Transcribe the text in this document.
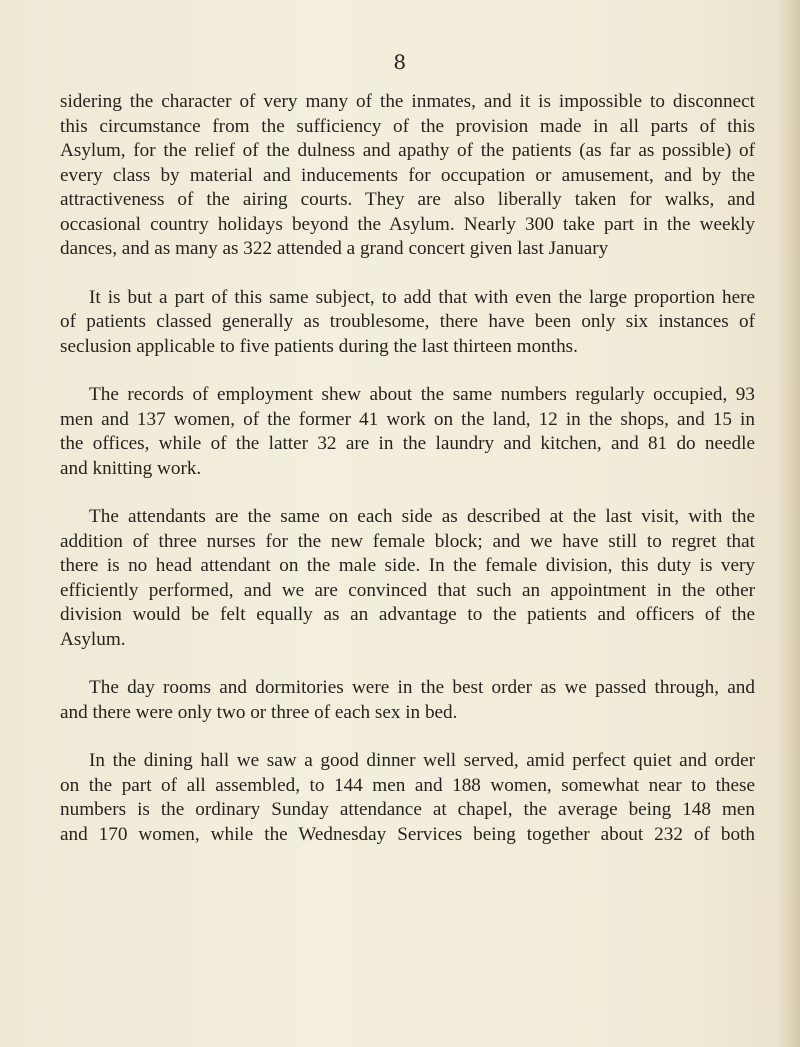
8
sidering the character of very many of the inmates, and it is impossible to disconnect
this circumstance from the sufficiency of the provision made in all parts of this
Asylum, for the relief of the dulness and apathy of the patients (as far as possible) of
every class by material and inducements for occupation or amusement, and by the
attractiveness of the airing courts. They are also liberally taken for walks, and
occasional country holidays beyond the Asylum. Nearly 300 take part in the weekly
dances, and as many as 322 attended a grand concert given last January
It is but a part of this same subject, to add that with even the large proportion here
of patients classed generally as troublesome, there have been only six instances of
seclusion applicable to five patients during the last thirteen months.
The records of employment shew about the same numbers regularly occupied, 93
men and 137 women, of the former 41 work on the land, 12 in the shops, and 15 in
the offices, while of the latter 32 are in the laundry and kitchen, and 81 do needle
and knitting work.
The attendants are the same on each side as described at the last visit, with the
addition of three nurses for the new female block; and we have still to regret that
there is no head attendant on the male side. In the female division, this duty is very
efficiently performed, and we are convinced that such an appointment in the other
division would be felt equally as an advantage to the patients and officers of the
Asylum.
The day rooms and dormitories were in the best order as we passed through, and
and there were only two or three of each sex in bed.
In the dining hall we saw a good dinner well served, amid perfect quiet and order
on the part of all assembled, to 144 men and 188 women, somewhat near to these
numbers is the ordinary Sunday attendance at chapel, the average being 148 men
and 170 women, while the Wednesday Services being together about 232 of both
